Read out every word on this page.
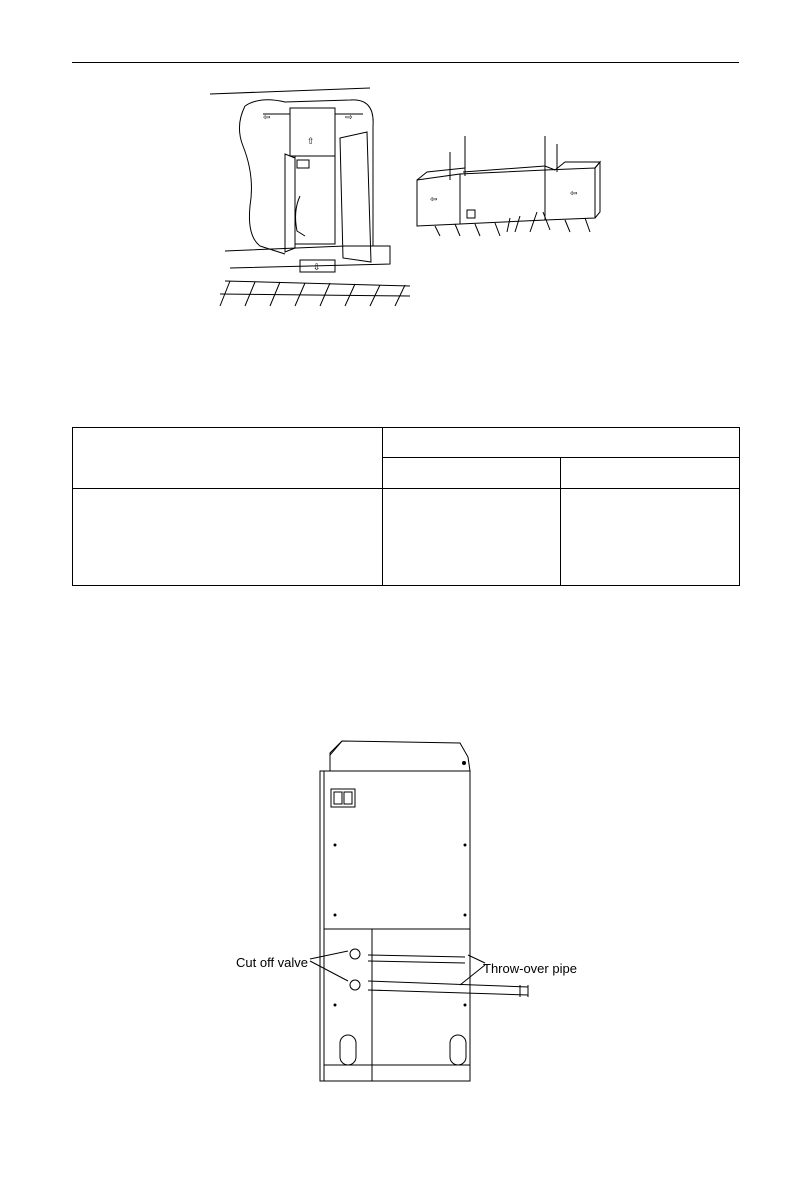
⇦	⇨
⇧
⇩
⇦
⇦

Cut off valve	Throw-over pipe
